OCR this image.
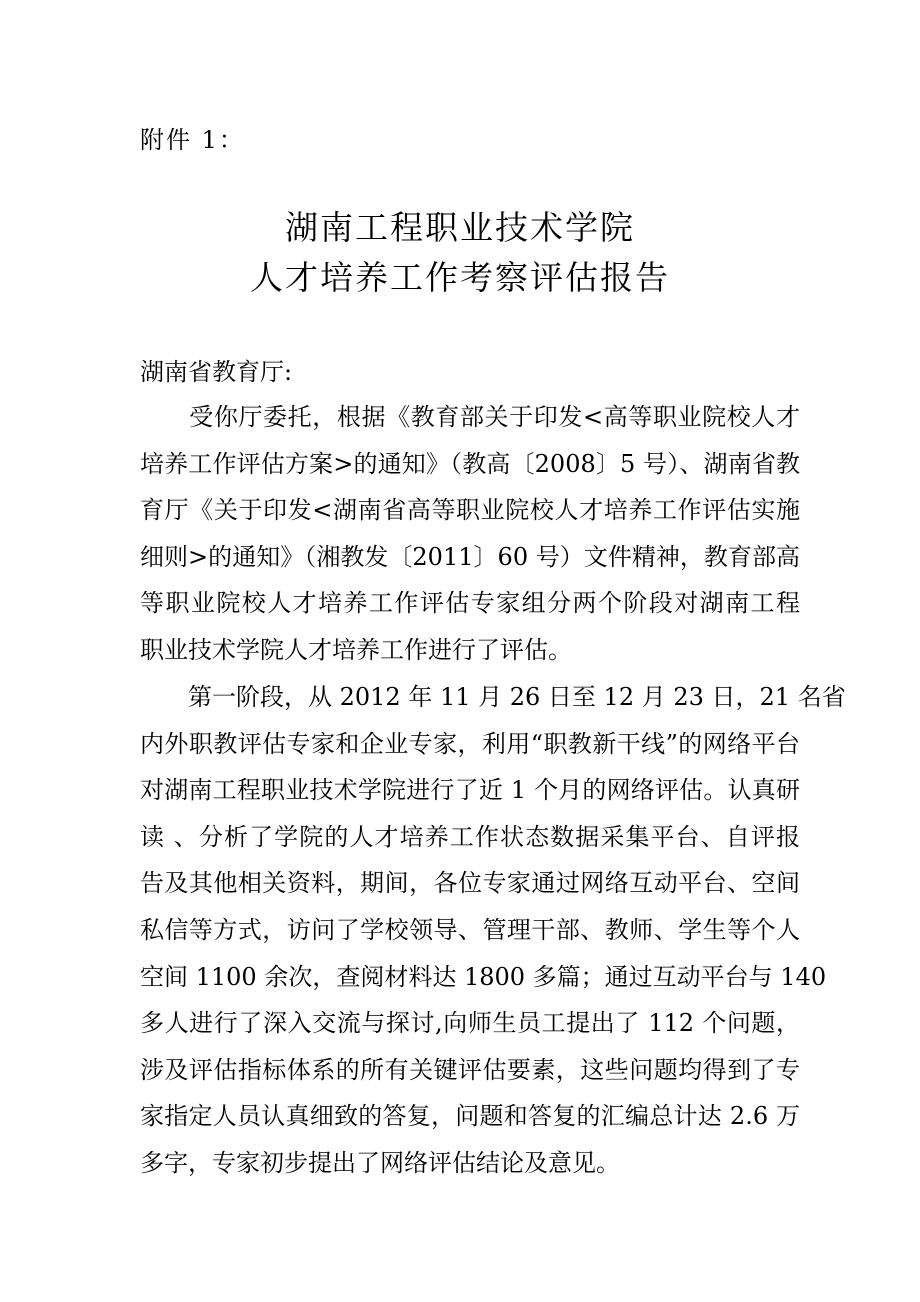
附件 1：
湖南工程职业技术学院
人才培养工作考察评估报告
湖南省教育厅:
　　受你厅委托，根据《教育部关于印发<高等职业院校人才
培养工作评估方案>的通知》（教高〔2008〕5 号）、湖南省教
育厅《关于印发<湖南省高等职业院校人才培养工作评估实施
细则>的通知》（湘教发〔2011〕60 号）文件精神，教育部高
等职业院校人才培养工作评估专家组分两个阶段对湖南工程
职业技术学院人才培养工作进行了评估。
　　第一阶段，从 2012 年 11 月 26 日至 12 月 23 日，21 名省
内外职教评估专家和企业专家，利用“职教新干线”的网络平台
对湖南工程职业技术学院进行了近 1 个月的网络评估。认真研
读 、分析了学院的人才培养工作状态数据采集平台、自评报
告及其他相关资料，期间，各位专家通过网络互动平台、空间
私信等方式，访问了学校领导、管理干部、教师、学生等个人
空间 1100 余次，查阅材料达 1800 多篇；通过互动平台与 140
多人进行了深入交流与探讨,向师生员工提出了 112 个问题，
涉及评估指标体系的所有关键评估要素，这些问题均得到了专
家指定人员认真细致的答复，问题和答复的汇编总计达 2.6 万
多字，专家初步提出了网络评估结论及意见。
